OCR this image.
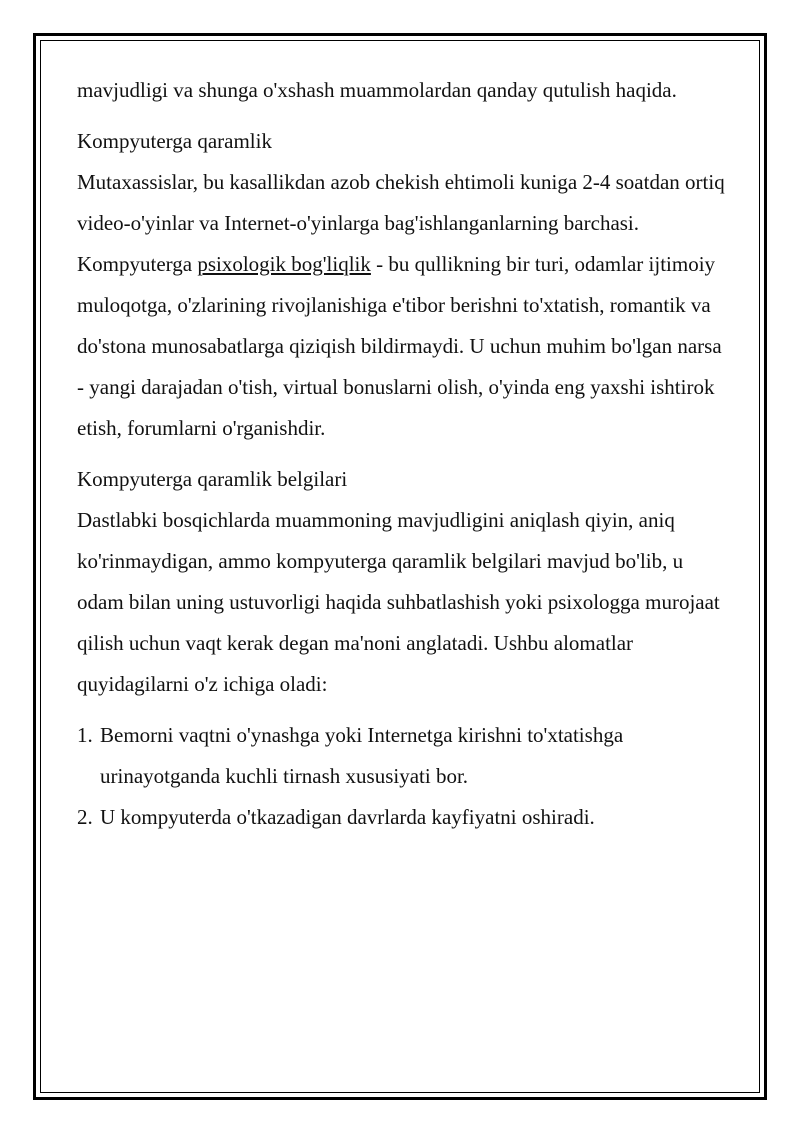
mavjudligi va shunga o'xshash muammolardan qanday qutulish haqida.

Kompyuterga qaramlik
Mutaxassislar, bu kasallikdan azob chekish ehtimoli kuniga 2-4 soatdan ortiq video-o'yinlar va Internet-o'yinlarga bag'ishlanganlarning barchasi. Kompyuterga psixologik bog'liqlik - bu qullikning bir turi, odamlar ijtimoiy muloqotga, o'zlarining rivojlanishiga e'tibor berishni to'xtatish, romantik va do'stona munosabatlarga qiziqish bildirmaydi. U uchun muhim bo'lgan narsa - yangi darajadan o'tish, virtual bonuslarni olish, o'yinda eng yaxshi ishtirok etish, forumlarni o'rganishdir.

Kompyuterga qaramlik belgilari
Dastlabki bosqichlarda muammoning mavjudligini aniqlash qiyin, aniq ko'rinmaydigan, ammo kompyuterga qaramlik belgilari mavjud bo'lib, u odam bilan uning ustuvorligi haqida suhbatlashish yoki psixologga murojaat qilish uchun vaqt kerak degan ma'noni anglatadi. Ushbu alomatlar quyidagilarni o'z ichiga oladi:

1. Bemorni vaqtni o'ynashga yoki Internetga kirishni to'xtatishga urinayotganda kuchli tirnash xususiyati bor.
2. U kompyuterda o'tkazadigan davrlarda kayfiyatni oshiradi.
